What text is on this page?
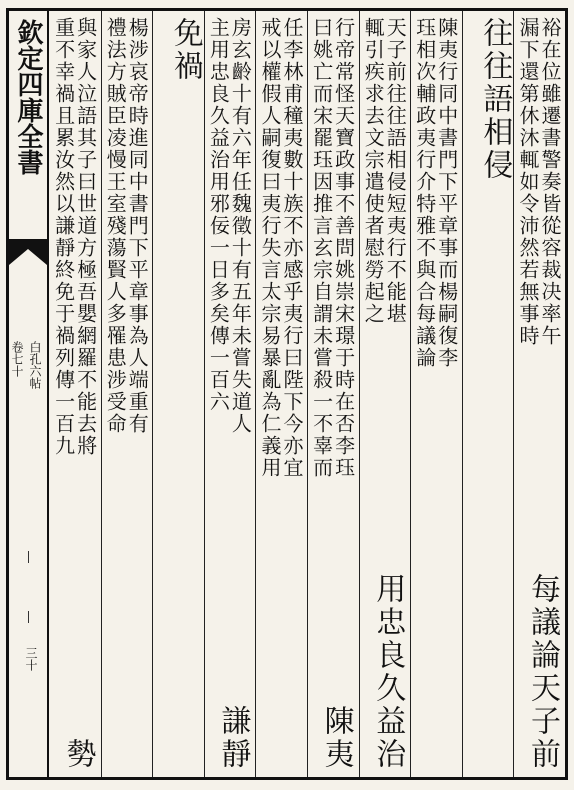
欽定四庫全書
卷七十 白孔六帖
三十
裕在位雖遷書警奏皆從容裁决率午
漏下還第休沐輒如令沛然若無事時
每議論天子前
往往語相侵
陳夷行同中書門下平章事而楊嗣復李
珏相次輔政夷行介特雅不與合每議論
天子前往往語相侵短夷行不能堪
輒引疾求去文宗遣使者慰勞起之
用忠良久益治
行帝常怪天寶政事不善問姚崇宋璟于時在否李珏
曰姚亡而宋罷珏因推言玄宗自謂未嘗殺一不辜而
陳夷
任李林甫穜夷數十族不亦感乎夷行曰陛下今亦宜
戒以權假人嗣復曰夷行失言太宗易暴亂為仁義用
房玄齡十有六年任魏徵十有五年未嘗失道人
主用忠良久益治用邪佞一日多矣傳一百六
謙靜
免禍
楊涉哀帝時進同中書門下平章事為人端重有
禮法方賊臣凌慢王室殘蕩賢人多罹患涉受命
與家人泣語其子曰世道方極吾嬰網羅不能去將
重不幸禍且累汝然以謙靜終免于禍列傳一百九
勢
